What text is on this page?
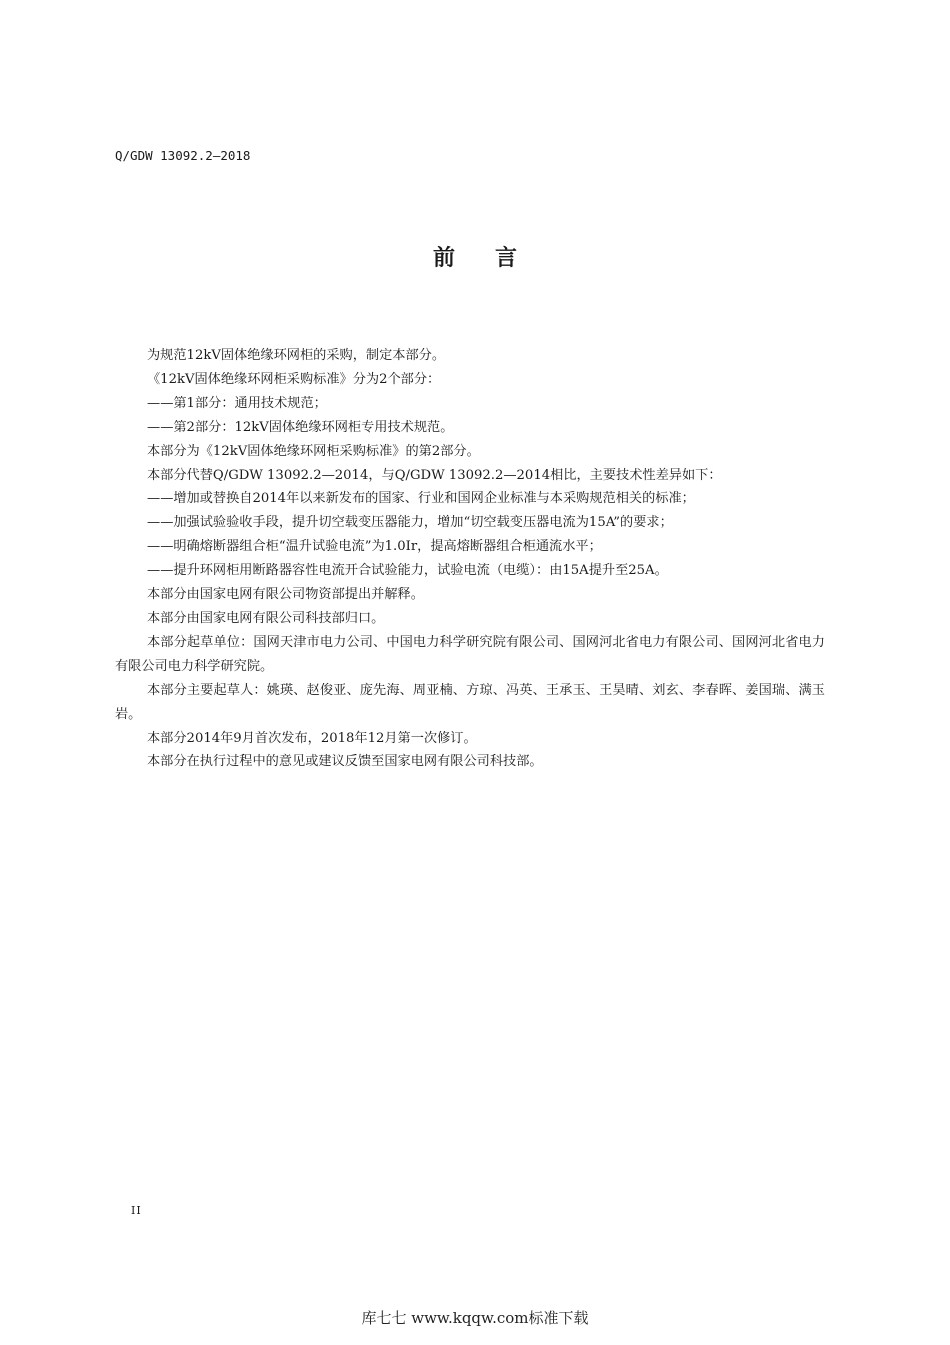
Q/GDW 13092.2—2018
前 言

为规范12kV固体绝缘环网柜的采购，制定本部分。

《12kV固体绝缘环网柜采购标准》分为2个部分：

——第1部分：通用技术规范；

——第2部分：12kV固体绝缘环网柜专用技术规范。

本部分为《12kV固体绝缘环网柜采购标准》的第2部分。

本部分代替Q/GDW 13092.2—2014，与Q/GDW 13092.2—2014相比，主要技术性差异如下：

——增加或替换自2014年以来新发布的国家、行业和国网企业标准与本采购规范相关的标准；

——加强试验验收手段，提升切空载变压器能力，增加“切空载变压器电流为15A”的要求；

——明确熔断器组合柜“温升试验电流”为1.0Ir，提高熔断器组合柜通流水平；

——提升环网柜用断路器容性电流开合试验能力，试验电流（电缆）：由15A提升至25A。

本部分由国家电网有限公司物资部提出并解释。

本部分由国家电网有限公司科技部归口。

本部分起草单位：国网天津市电力公司、中国电力科学研究院有限公司、国网河北省电力有限公司、国网河北省电力有限公司电力科学研究院。

本部分主要起草人：姚瑛、赵俊亚、庞先海、周亚楠、方琼、冯英、王承玉、王昊晴、刘玄、李春晖、姜国瑞、满玉岩。

本部分2014年9月首次发布，2018年12月第一次修订。

本部分在执行过程中的意见或建议反馈至国家电网有限公司科技部。

II
库七七 www.kqqw.com标准下载
